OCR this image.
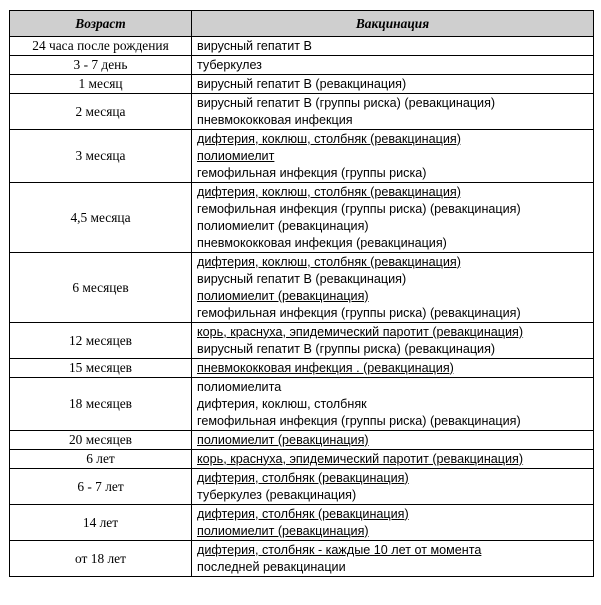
Возраст	Вакцинация
24 часа после рождения	вирусный гепатит В

3 - 7 день	туберкулез

1 месяц	вирусный гепатит В (ревакцинация)

2 месяца	вирусный гепатит В (группы риска) (ревакцинация)
пневмококковая инфекция

3 месяца	дифтерия, коклюш, столбняк (ревакцинация)
полиомиелит
гемофильная инфекция (группы риска)

4,5 месяца	дифтерия, коклюш, столбняк (ревакцинация)
гемофильная инфекция (группы риска) (ревакцинация)
полиомиелит (ревакцинация)
пневмококковая инфекция (ревакцинация)

6 месяцев	дифтерия, коклюш, столбняк (ревакцинация)
вирусный гепатит В (ревакцинация)
полиомиелит (ревакцинация)
гемофильная инфекция (группы риска) (ревакцинация)

12 месяцев	корь, краснуха, эпидемический паротит (ревакцинация)
вирусный гепатит В (группы риска) (ревакцинация)

15 месяцев	пневмококковая инфекция . (ревакцинация)

18 месяцев	полиомиелита
дифтерия, коклюш, столбняк
гемофильная инфекция (группы риска) (ревакцинация)

20 месяцев	полиомиелит (ревакцинация)

6 лет	корь, краснуха, эпидемический паротит (ревакцинация)

6 - 7 лет	дифтерия, столбняк (ревакцинация)
туберкулез (ревакцинация)

14 лет	дифтерия, столбняк (ревакцинация)
полиомиелит (ревакцинация)

от 18 лет	дифтерия, столбняк - каждые 10 лет от момента
последней ревакцинации
